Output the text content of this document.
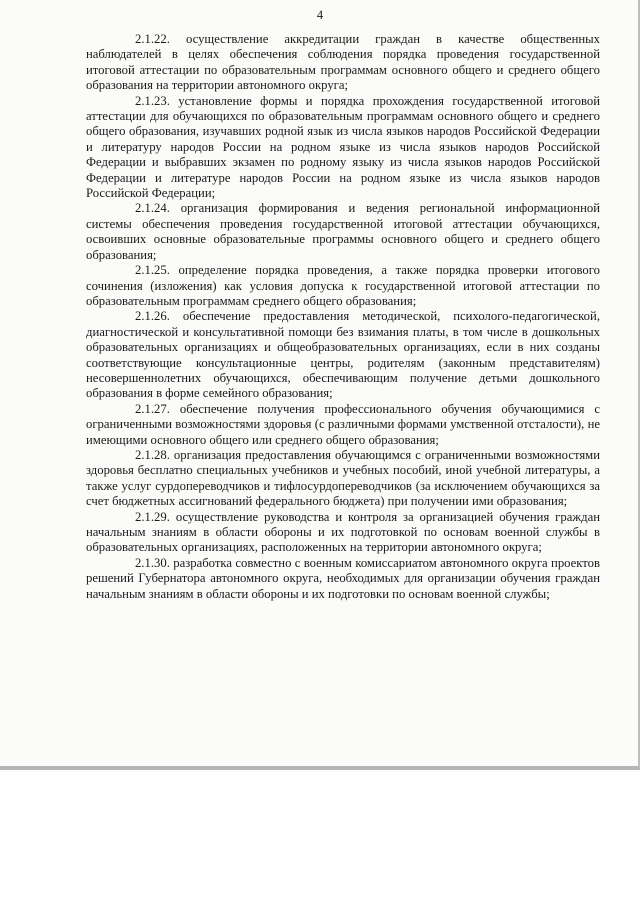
4

2.1.22. осуществление аккредитации граждан в качестве общественных наблюдателей в целях обеспечения соблюдения порядка проведения государственной итоговой аттестации по образовательным программам основного общего и среднего общего образования на территории автономного округа;

2.1.23. установление формы и порядка прохождения государственной итоговой аттестации для обучающихся по образовательным программам основного общего и среднего общего образования, изучавших родной язык из числа языков народов Российской Федерации и литературу народов России на родном языке из числа языков народов Российской Федерации и выбравших экзамен по родному языку из числа языков народов Российской Федерации и литературе народов России на родном языке из числа языков народов Российской Федерации;

2.1.24. организация формирования и ведения региональной информационной системы обеспечения проведения государственной итоговой аттестации обучающихся, освоивших основные образовательные программы основного общего и среднего общего образования;

2.1.25. определение порядка проведения, а также порядка проверки итогового сочинения (изложения) как условия допуска к государственной итоговой аттестации по образовательным программам среднего общего образования;

2.1.26. обеспечение предоставления методической, психолого-педагогической, диагностической и консультативной помощи без взимания платы, в том числе в дошкольных образовательных организациях и общеобразовательных организациях, если в них созданы соответствующие консультационные центры, родителям (законным представителям) несовершеннолетних обучающихся, обеспечивающим получение детьми дошкольного образования в форме семейного образования;

2.1.27. обеспечение получения профессионального обучения обучающимися с ограниченными возможностями здоровья (с различными формами умственной отсталости), не имеющими основного общего или среднего общего образования;

2.1.28. организация предоставления обучающимся с ограниченными возможностями здоровья бесплатно специальных учебников и учебных пособий, иной учебной литературы, а также услуг сурдопереводчиков и тифлосурдопереводчиков (за исключением обучающихся за счет бюджетных ассигнований федерального бюджета) при получении ими образования;

2.1.29. осуществление руководства и контроля за организацией обучения граждан начальным знаниям в области обороны и их подготовкой по основам военной службы в образовательных организациях, расположенных на территории автономного округа;

2.1.30. разработка совместно с военным комиссариатом автономного округа проектов решений Губернатора автономного округа, необходимых для организации обучения граждан начальным знаниям в области обороны и их подготовки по основам военной службы;
